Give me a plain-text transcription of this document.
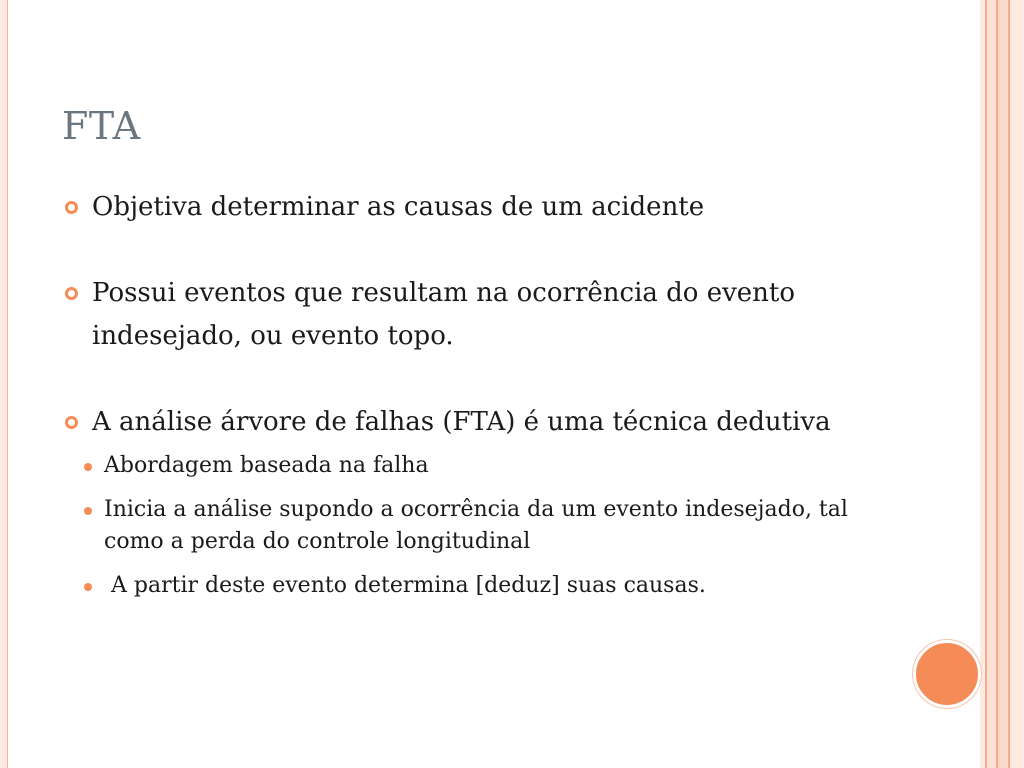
FTA
Objetiva determinar as causas de um acidente
Possui eventos que resultam na ocorrência do evento indesejado, ou evento topo.
A análise árvore de falhas (FTA) é uma técnica dedutiva
Abordagem baseada na falha
Inicia a análise supondo a ocorrência da um evento indesejado, tal como a perda do controle longitudinal
A partir deste evento determina [deduz] suas causas.
